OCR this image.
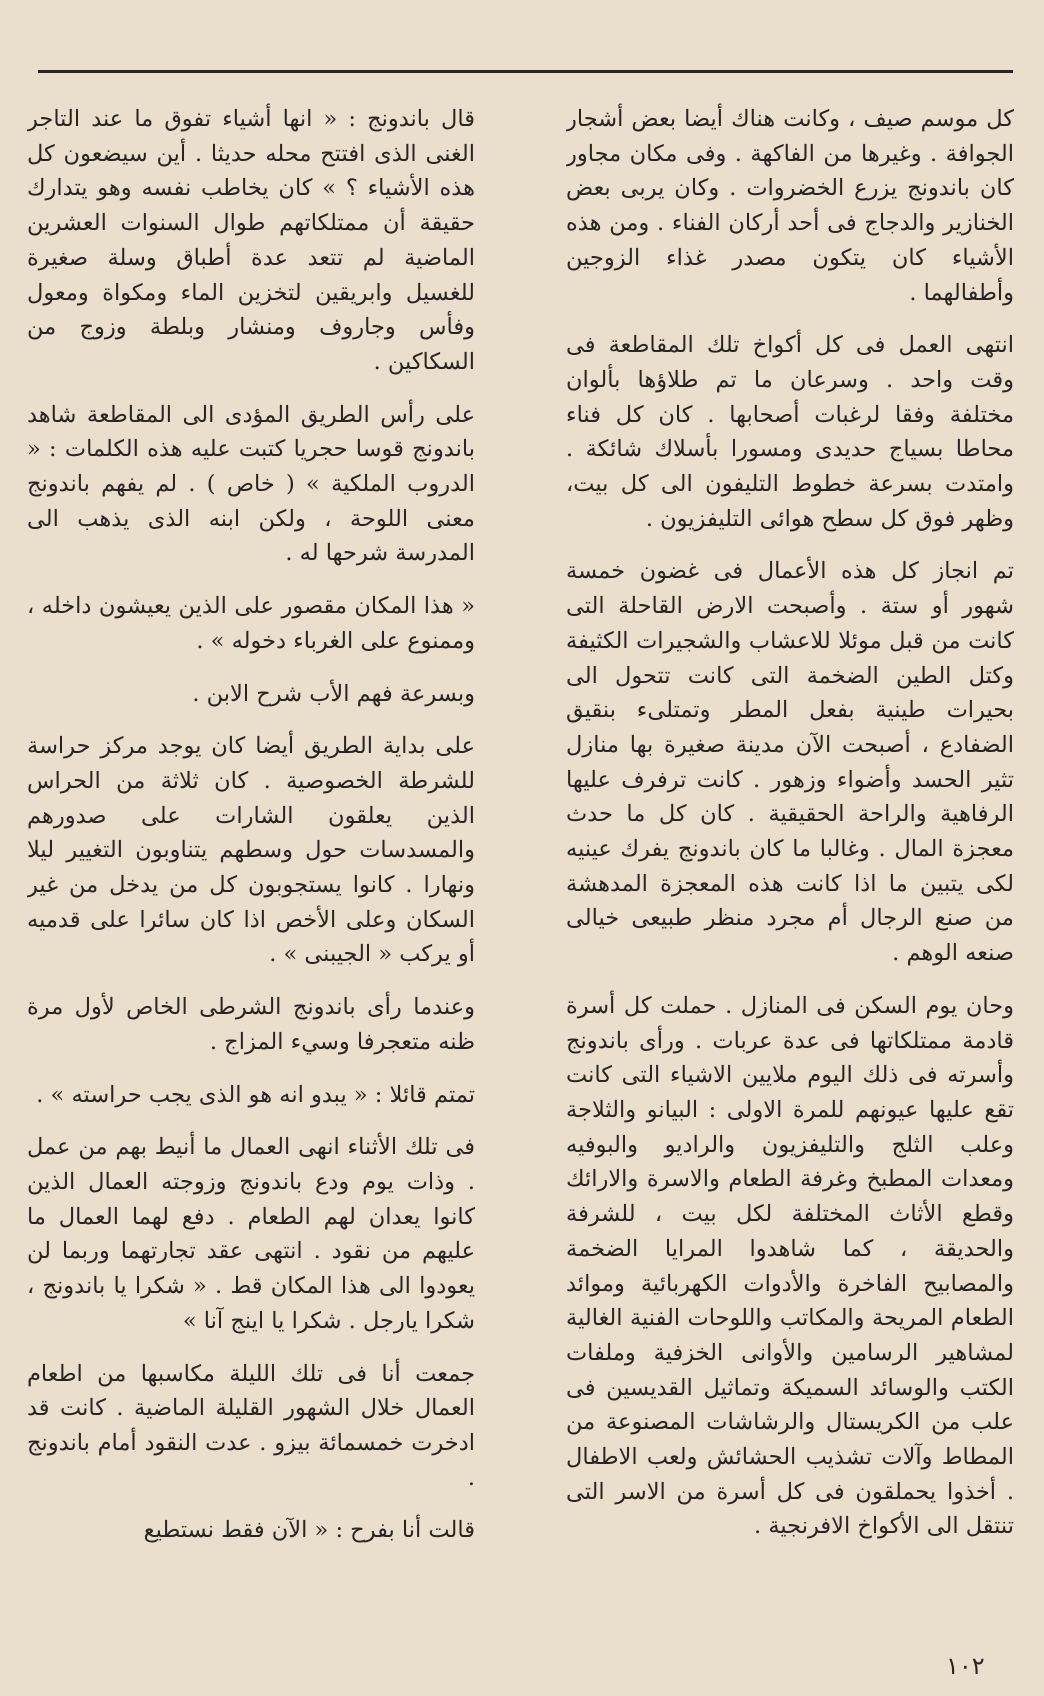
كل موسم صيف ، وكانت هناك أيضا بعض أشجار الجوافة . وغيرها من الفاكهة . وفى مكان مجاور كان باندونج يزرع الخضروات . وكان يربى بعض الخنازير والدجاج فى أحد أركان الفناء . ومن هذه الأشياء كان يتكون مصدر غذاء الزوجين وأطفالهما .

انتهى العمل فى كل أكواخ تلك المقاطعة فى وقت واحد . وسرعان ما تم طلاؤها بألوان مختلفة وفقا لرغبات أصحابها . كان كل فناء محاطا بسياج حديدى ومسورا بأسلاك شائكة . وامتدت بسرعة خطوط التليفون الى كل بيت، وظهر فوق كل سطح هوائى التليفزيون .

تم انجاز كل هذه الأعمال فى غضون خمسة شهور أو ستة . وأصبحت الارض القاحلة التى كانت من قبل موئلا للاعشاب والشجيرات الكثيفة وكتل الطين الضخمة التى كانت تتحول الى بحيرات طينية بفعل المطر وتمتلىء بنقيق الضفادع ، أصبحت الآن مدينة صغيرة بها منازل تثير الحسد وأضواء وزهور . كانت ترفرف عليها الرفاهية والراحة الحقيقية . كان كل ما حدث معجزة المال . وغالبا ما كان باندونج يفرك عينيه لكى يتبين ما اذا كانت هذه المعجزة المدهشة من صنع الرجال أم مجرد منظر طبيعى خيالى صنعه الوهم .

وحان يوم السكن فى المنازل . حملت كل أسرة قادمة ممتلكاتها فى عدة عربات . ورأى باندونج وأسرته فى ذلك اليوم ملايين الاشياء التى كانت تقع عليها عيونهم للمرة الاولى : البيانو والثلاجة وعلب الثلج والتليفزيون والراديو والبوفيه ومعدات المطبخ وغرفة الطعام والاسرة والارائك وقطع الأثاث المختلفة لكل بيت ، للشرفة والحديقة ، كما شاهدوا المرايا الضخمة والمصابيح الفاخرة والأدوات الكهربائية وموائد الطعام المريحة والمكاتب واللوحات الفنية الغالية لمشاهير الرسامين والأوانى الخزفية وملفات الكتب والوسائد السميكة وتماثيل القديسين فى علب من الكريستال والرشاشات المصنوعة من المطاط وآلات تشذيب الحشائش ولعب الاطفال . أخذوا يحملقون فى كل أسرة من الاسر التى تنتقل الى الأكواخ الافرنجية .

قال باندونج : « انها أشياء تفوق ما عند التاجر الغنى الذى افتتح محله حديثا . أين سيضعون كل هذه الأشياء ؟ » كان يخاطب نفسه وهو يتدارك حقيقة أن ممتلكاتهم طوال السنوات العشرين الماضية لم تتعد عدة أطباق وسلة صغيرة للغسيل وابريقين لتخزين الماء ومكواة ومعول وفأس وجاروف ومنشار وبلطة وزوج من السكاكين .

على رأس الطريق المؤدى الى المقاطعة شاهد باندونج قوسا حجريا كتبت عليه هذه الكلمات : « الدروب الملكية » ( خاص ) . لم يفهم باندونج معنى اللوحة ، ولكن ابنه الذى يذهب الى المدرسة شرحها له .

« هذا المكان مقصور على الذين يعيشون داخله ، وممنوع على الغرباء دخوله » .

وبسرعة فهم الأب شرح الابن .

على بداية الطريق أيضا كان يوجد مركز حراسة للشرطة الخصوصية . كان ثلاثة من الحراس الذين يعلقون الشارات على صدورهم والمسدسات حول وسطهم يتناوبون التغيير ليلا ونهارا . كانوا يستجوبون كل من يدخل من غير السكان وعلى الأخص اذا كان سائرا على قدميه أو يركب « الجيبنى » .

وعندما رأى باندونج الشرطى الخاص لأول مرة ظنه متعجرفا وسيء المزاج .

تمتم قائلا : « يبدو انه هو الذى يجب حراسته » .

فى تلك الأثناء انهى العمال ما أنيط بهم من عمل . وذات يوم ودع باندونج وزوجته العمال الذين كانوا يعدان لهم الطعام . دفع لهما العمال ما عليهم من نقود . انتهى عقد تجارتهما وربما لن يعودوا الى هذا المكان قط . « شكرا يا باندونج ، شكرا يارجل . شكرا يا اينج آنا »

جمعت أنا فى تلك الليلة مكاسبها من اطعام العمال خلال الشهور القليلة الماضية . كانت قد ادخرت خمسمائة بيزو . عدت النقود أمام باندونج .

قالت أنا بفرح : « الآن فقط نستطيع

١٠٢
